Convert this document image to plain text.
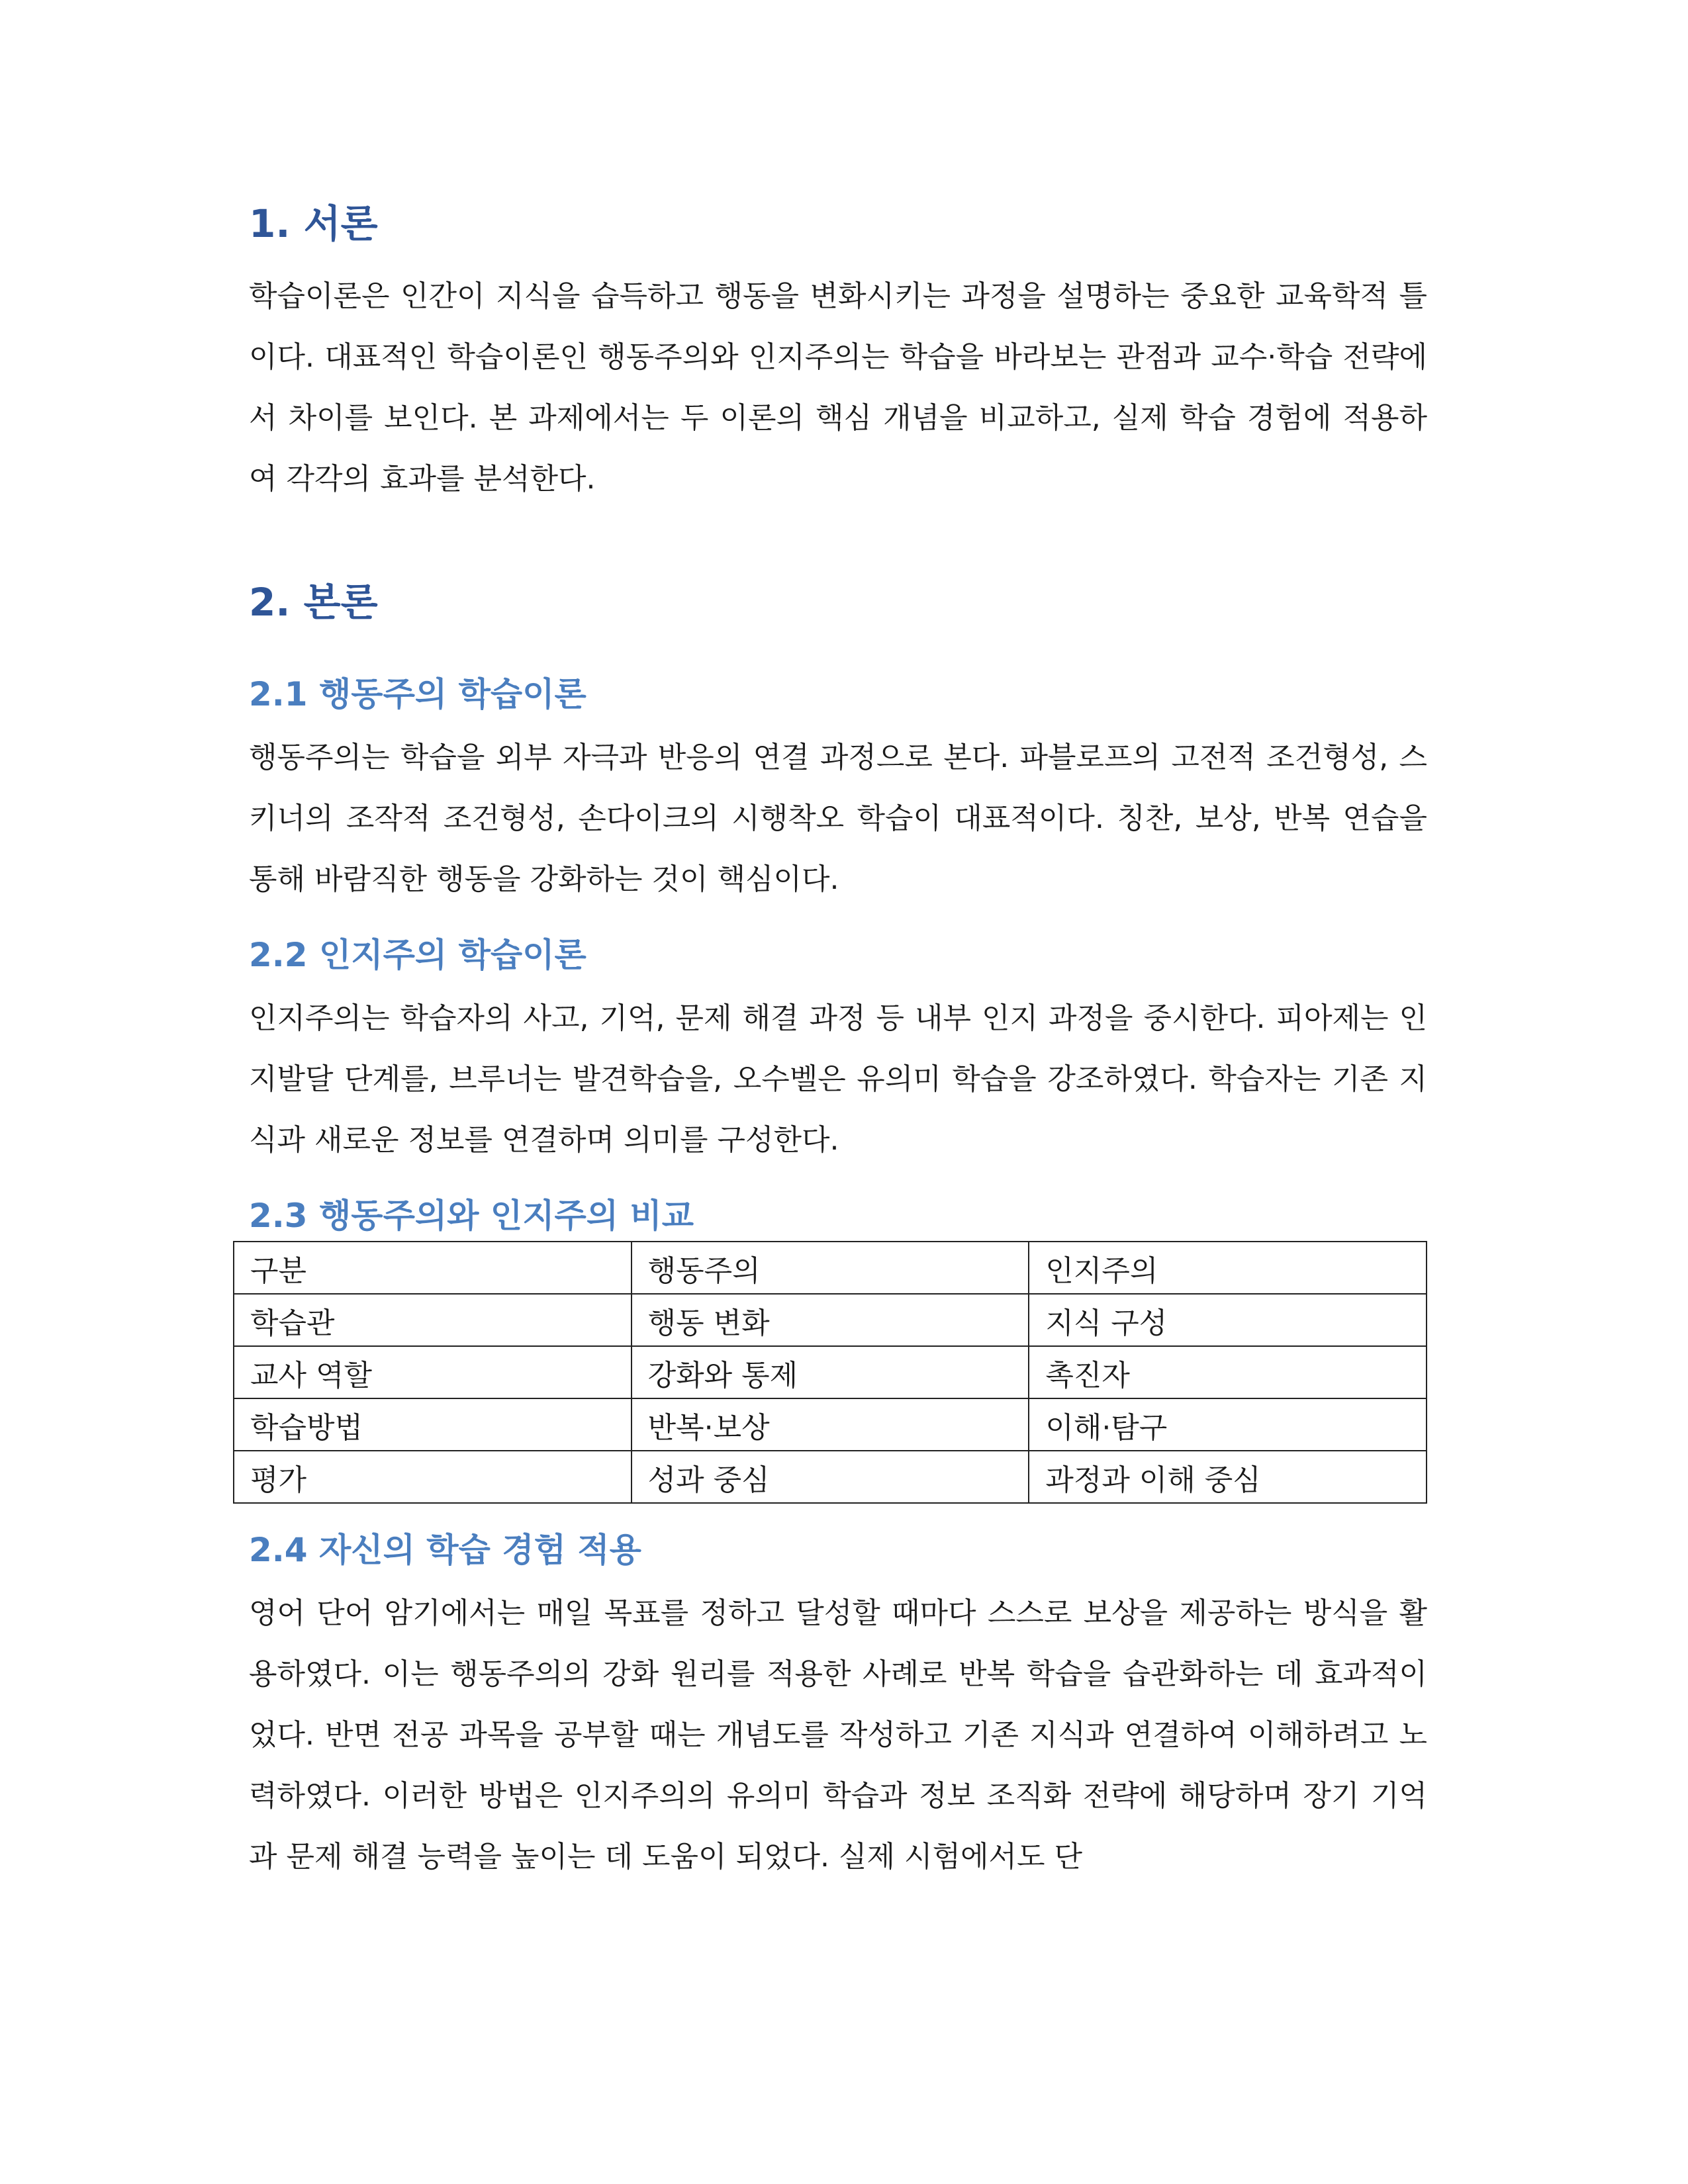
1. 서론

학습이론은 인간이 지식을 습득하고 행동을 변화시키는 과정을 설명하는 중요한 교육학적 틀이다. 대표적인 학습이론인 행동주의와 인지주의는 학습을 바라보는 관점과 교수·학습 전략에서 차이를 보인다. 본 과제에서는 두 이론의 핵심 개념을 비교하고, 실제 학습 경험에 적용하여 각각의 효과를 분석한다.

2. 본론
2.1 행동주의 학습이론

행동주의는 학습을 외부 자극과 반응의 연결 과정으로 본다. 파블로프의 고전적 조건형성, 스키너의 조작적 조건형성, 손다이크의 시행착오 학습이 대표적이다. 칭찬, 보상, 반복 연습을 통해 바람직한 행동을 강화하는 것이 핵심이다.

2.2 인지주의 학습이론

인지주의는 학습자의 사고, 기억, 문제 해결 과정 등 내부 인지 과정을 중시한다. 피아제는 인지발달 단계를, 브루너는 발견학습을, 오수벨은 유의미 학습을 강조하였다. 학습자는 기존 지식과 새로운 정보를 연결하며 의미를 구성한다.

2.3 행동주의와 인지주의 비교
구분	행동주의	인지주의
학습관	행동 변화	지식 구성
교사 역할	강화와 통제	촉진자
학습방법	반복·보상	이해·탐구
평가	성과 중심	과정과 이해 중심
2.4 자신의 학습 경험 적용

영어 단어 암기에서는 매일 목표를 정하고 달성할 때마다 스스로 보상을 제공하는 방식을 활용하였다. 이는 행동주의의 강화 원리를 적용한 사례로 반복 학습을 습관화하는 데 효과적이었다. 반면 전공 과목을 공부할 때는 개념도를 작성하고 기존 지식과 연결하여 이해하려고 노력하였다. 이러한 방법은 인지주의의 유의미 학습과 정보 조직화 전략에 해당하며 장기 기억과 문제 해결 능력을 높이는 데 도움이 되었다. 실제 시험에서도 단
